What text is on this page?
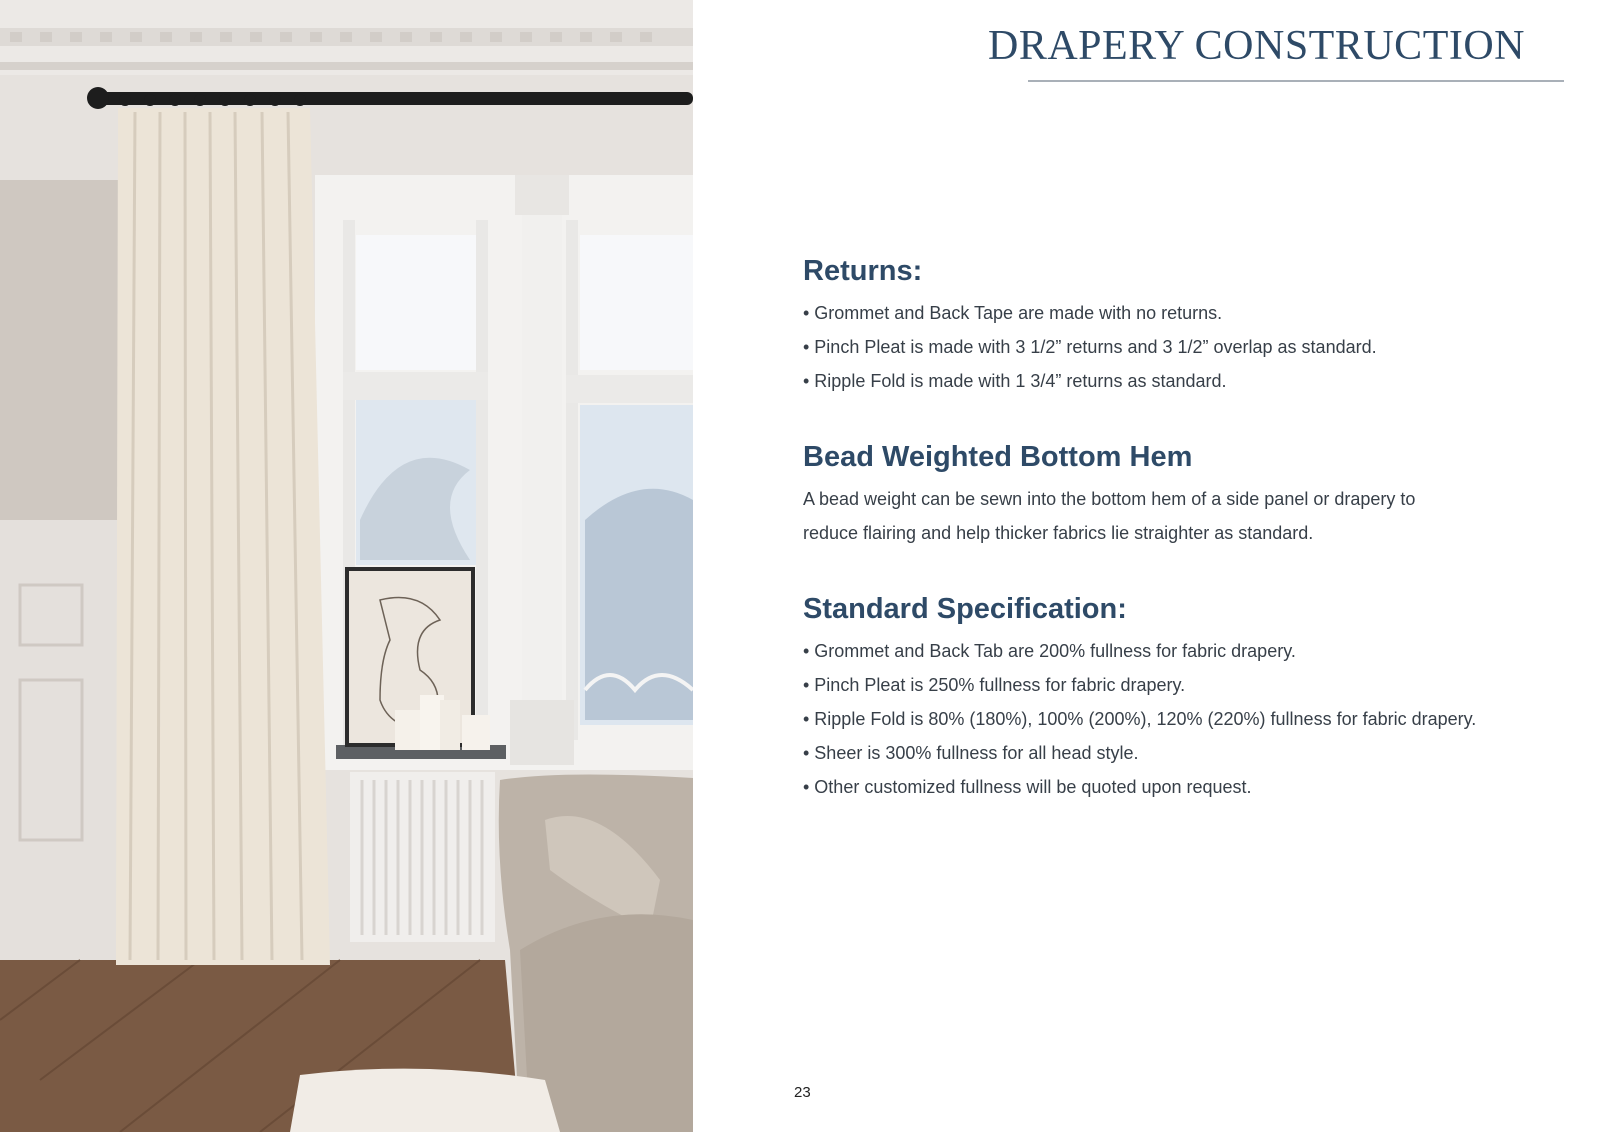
DRAPERY CONSTRUCTION
Returns:

• Grommet and Back Tape are made with no returns.

• Pinch Pleat is made with 3 1/2” returns and 3 1/2” overlap as standard.

• Ripple Fold is made with 1 3/4” returns as standard.

Bead Weighted Bottom Hem

A bead weight can be sewn into the bottom hem of a side panel or drapery to

reduce flairing and help thicker fabrics lie straighter as standard.

Standard Specification:

• Grommet and Back Tab are 200% fullness for fabric drapery.

• Pinch Pleat is 250% fullness for fabric drapery.

• Ripple Fold is 80% (180%), 100% (200%), 120% (220%) fullness for fabric drapery.

• Sheer is 300% fullness for all head style.

• Other customized fullness will be quoted upon request.

23
